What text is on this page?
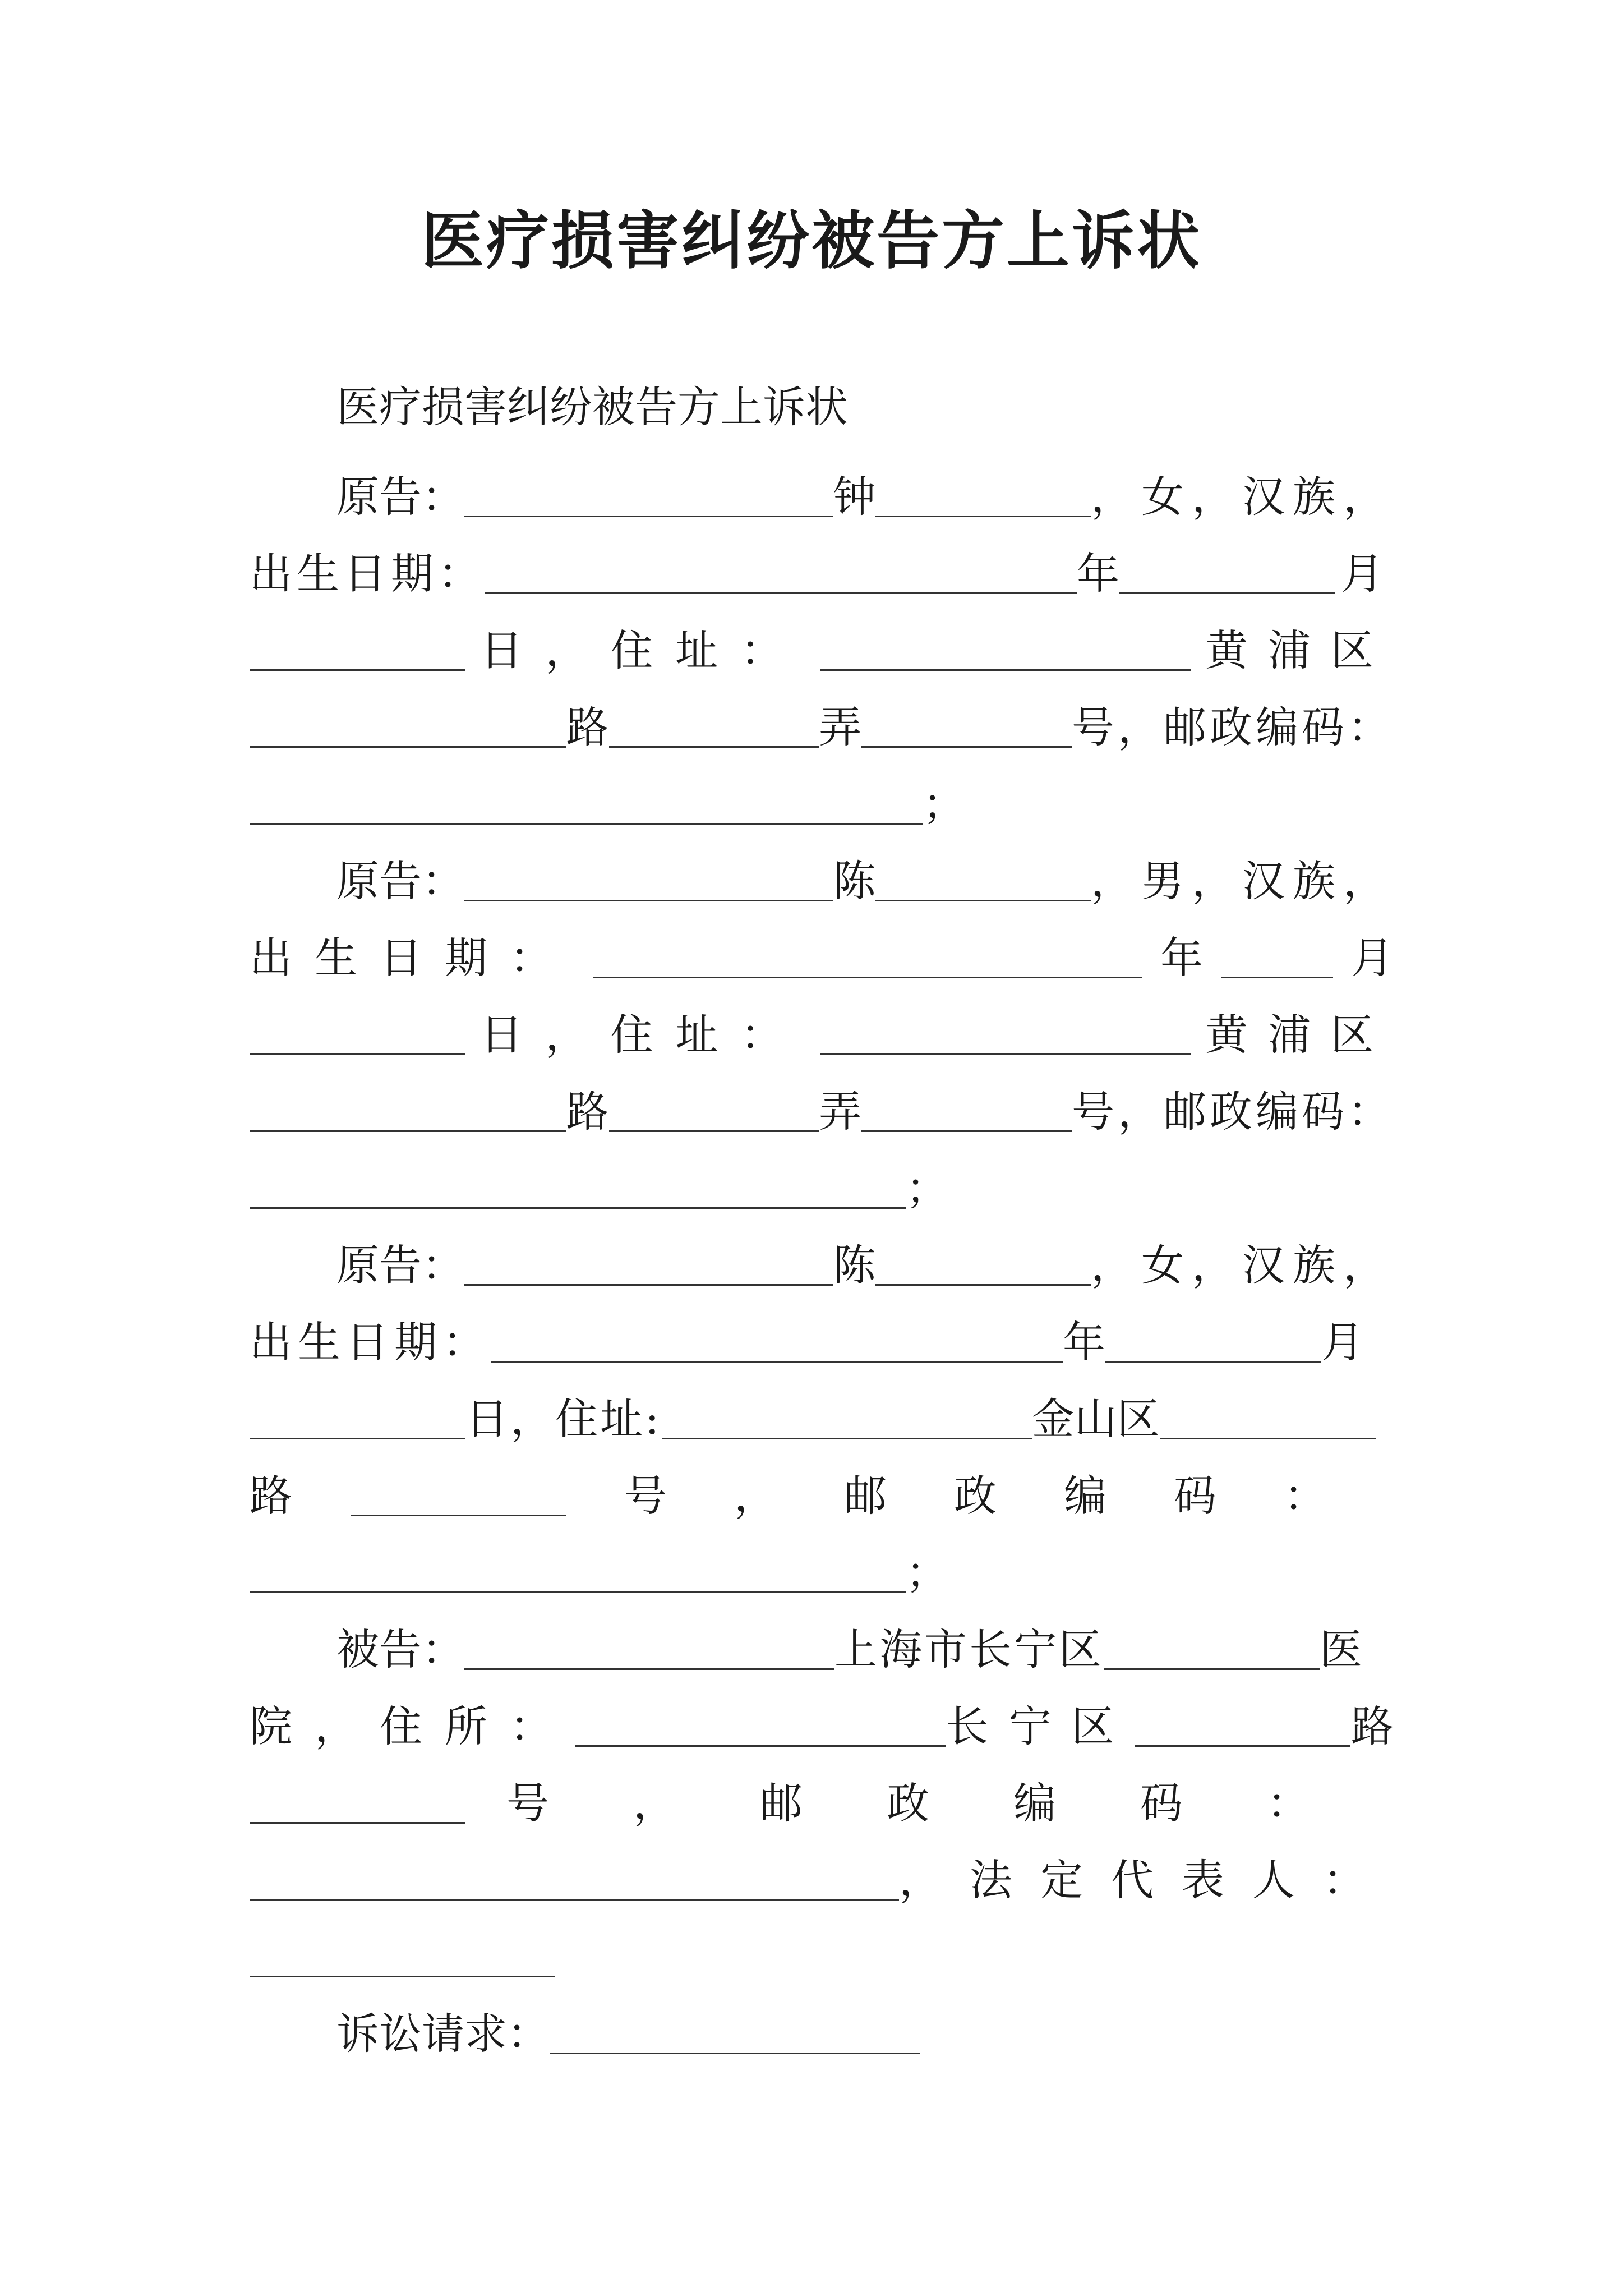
医疗损害纠纷被告方上诉状
医疗损害纠纷被告方上诉状
原告：	钟	，女，汉族，
出生日期：	年	月
日，住址：	黄浦区
路	弄	号，邮政编码：
；
原告：	陈	，男，汉族，
出生日期：	年	月
日，住址：	黄浦区
路	弄	号，邮政编码：
；
原告：	陈	，女，汉族，
出生日期：	年	月
日，住址:	金山区
路	号，邮政编码：
；
被告：	上海市长宁区	医
院，住所：	长宁区	路
号，邮政编码：
，法定代表人：
诉讼请求：
